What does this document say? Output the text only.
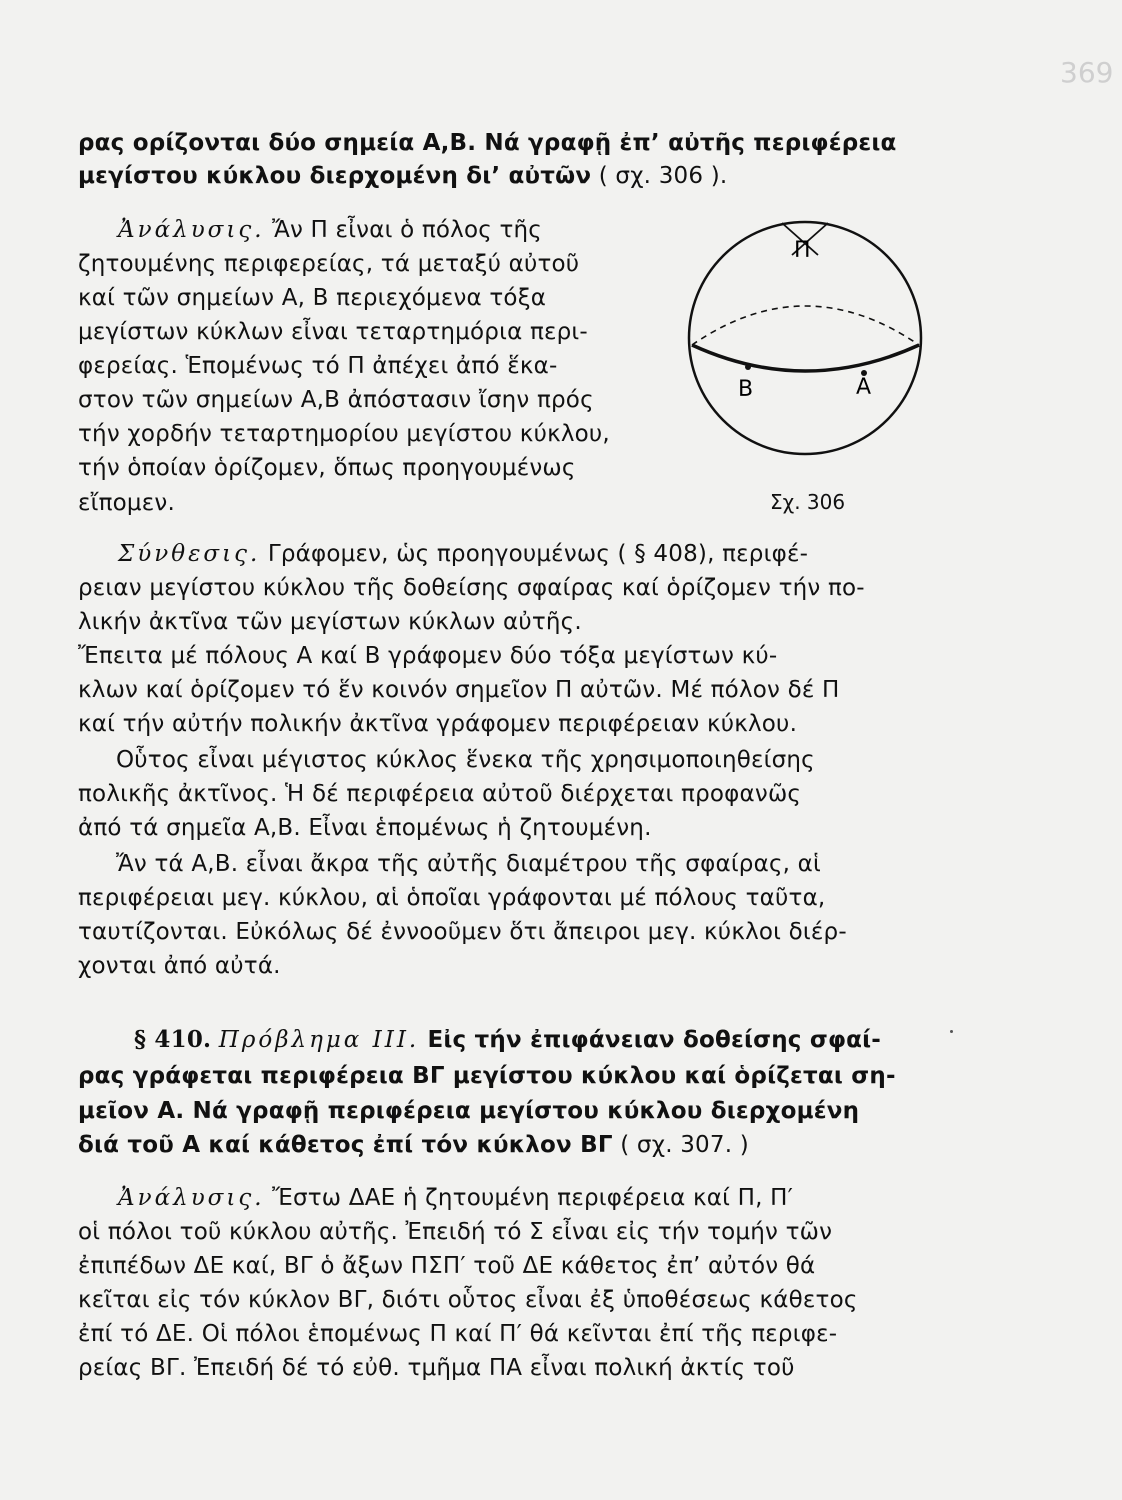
369
ρας ορίζονται δύο σημεία Α,Β. Νά γραφῇ ἐπ’ αὐτῆς περιφέρεια
μεγίστου κύκλου διερχομένη δι’ αὐτῶν ( σχ. 306 ).
Ἀνάλυσις. Ἄν Π εἶναι ὁ πόλος τῆς
ζητουμένης περιφερείας, τά μεταξύ αὐτοῦ
καί τῶν σημείων Α, Β περιεχόμενα τόξα
μεγίστων κύκλων εἶναι τεταρτημόρια περι-
φερείας. Ἑπομένως τό Π ἀπέχει ἀπό ἕκα-
στον τῶν σημείων Α,Β ἀπόστασιν ἴσην πρός
τήν χορδήν τεταρτημορίου μεγίστου κύκλου,
τήν ὁποίαν ὁρίζομεν, ὅπως προηγουμένως
εἴπομεν.
Π
Β	Α
Σχ. 306
Σύνθεσις. Γράφομεν, ὡς προηγουμένως ( § 408), περιφέ-
ρειαν μεγίστου κύκλου τῆς δοθείσης σφαίρας καί ὁρίζομεν τήν πο-
λικήν ἀκτῖνα τῶν μεγίστων κύκλων αὐτῆς.
Ἔπειτα μέ πόλους Α καί Β γράφομεν δύο τόξα μεγίστων κύ-
κλων καί ὁρίζομεν τό ἕν κοινόν σημεῖον Π αὐτῶν. Μέ πόλον δέ Π
καί τήν αὐτήν πολικήν ἀκτῖνα γράφομεν περιφέρειαν κύκλου.
Οὗτος εἶναι μέγιστος κύκλος ἕνεκα τῆς χρησιμοποιηθείσης
πολικῆς ἀκτῖνος. Ἡ δέ περιφέρεια αὐτοῦ διέρχεται προφανῶς
ἀπό τά σημεῖα Α,Β. Εἶναι ἑπομένως ἡ ζητουμένη.
Ἄν τά Α,Β. εἶναι ἄκρα τῆς αὐτῆς διαμέτρου τῆς σφαίρας, αἱ
περιφέρειαι μεγ. κύκλου, αἱ ὁποῖαι γράφονται μέ πόλους ταῦτα,
ταυτίζονται. Εὐκόλως δέ ἐννοοῦμεν ὅτι ἄπειροι μεγ. κύκλοι διέρ-
χονται ἀπό αὐτά.
§ 410. Πρόβλημα ΙΙΙ. Εἰς τήν ἐπιφάνειαν δοθείσης σφαί-
ρας γράφεται περιφέρεια ΒΓ μεγίστου κύκλου καί ὁρίζεται ση-
μεῖον Α. Νά γραφῇ περιφέρεια μεγίστου κύκλου διερχομένη
διά τοῦ Α καί κάθετος ἐπί τόν κύκλον ΒΓ ( σχ. 307. )
Ἀνάλυσις. Ἔστω ΔΑΕ ἡ ζητουμένη περιφέρεια καί Π, Π′
οἱ πόλοι τοῦ κύκλου αὐτῆς. Ἐπειδή τό Σ εἶναι εἰς τήν τομήν τῶν
ἐπιπέδων ΔΕ καί, ΒΓ ὁ ἄξων ΠΣΠ′ τοῦ ΔΕ κάθετος ἐπ’ αὐτόν θά
κεῖται εἰς τόν κύκλον ΒΓ, διότι οὗτος εἶναι ἐξ ὑποθέσεως κάθετος
ἐπί τό ΔΕ. Οἱ πόλοι ἑπομένως Π καί Π′ θά κεῖνται ἐπί τῆς περιφε-
ρείας ΒΓ. Ἐπειδή δέ τό εὐθ. τμῆμα ΠΑ εἶναι πολική ἀκτίς τοῦ
